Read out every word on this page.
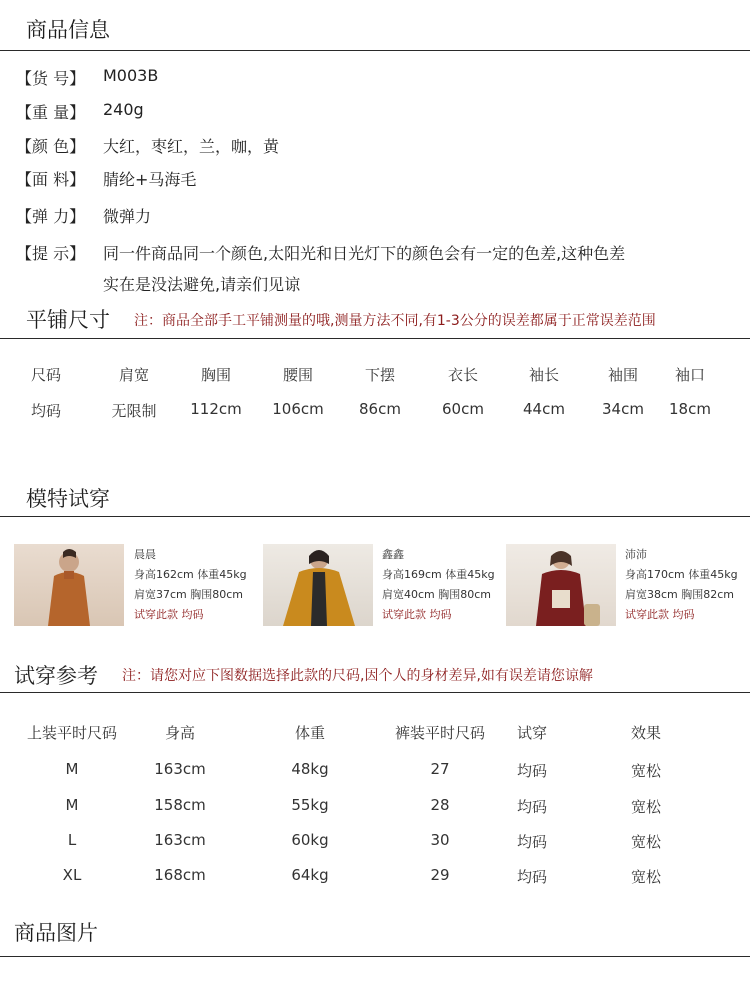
商品信息
【货 号】 M003B
【重 量】 240g
【颜 色】 大红，枣红，兰，咖，黄
【面 料】 腈纶+马海毛
【弹 力】 微弹力
【提 示】 同一件商品同一个颜色,太阳光和日光灯下的颜色会有一定的色差,这种色差
实在是没法避免,请亲们见谅
平铺尺寸 注：商品全部手工平铺测量的哦,测量方法不同,有1-3公分的误差都属于正常误差范围
尺码	肩宽	胸围	腰围	下摆	衣长	袖长	袖围	袖口
均码	无限制	112cm	106cm	86cm	60cm	44cm	34cm	18cm
模特试穿
晨晨
身高162cm 体重45kg
肩宽37cm 胸围80cm
试穿此款 均码
鑫鑫
身高169cm 体重45kg
肩宽40cm 胸围80cm
试穿此款 均码
沛沛
身高170cm 体重45kg
肩宽38cm 胸围82cm
试穿此款 均码
试穿参考 注：请您对应下图数据选择此款的尺码,因个人的身材差异,如有误差请您谅解
上装平时尺码	身高	体重	裤装平时尺码	试穿	效果
M	163cm	48kg	27	均码	宽松
M	158cm	55kg	28	均码	宽松
L	163cm	60kg	30	均码	宽松
XL	168cm	64kg	29	均码	宽松
商品图片
